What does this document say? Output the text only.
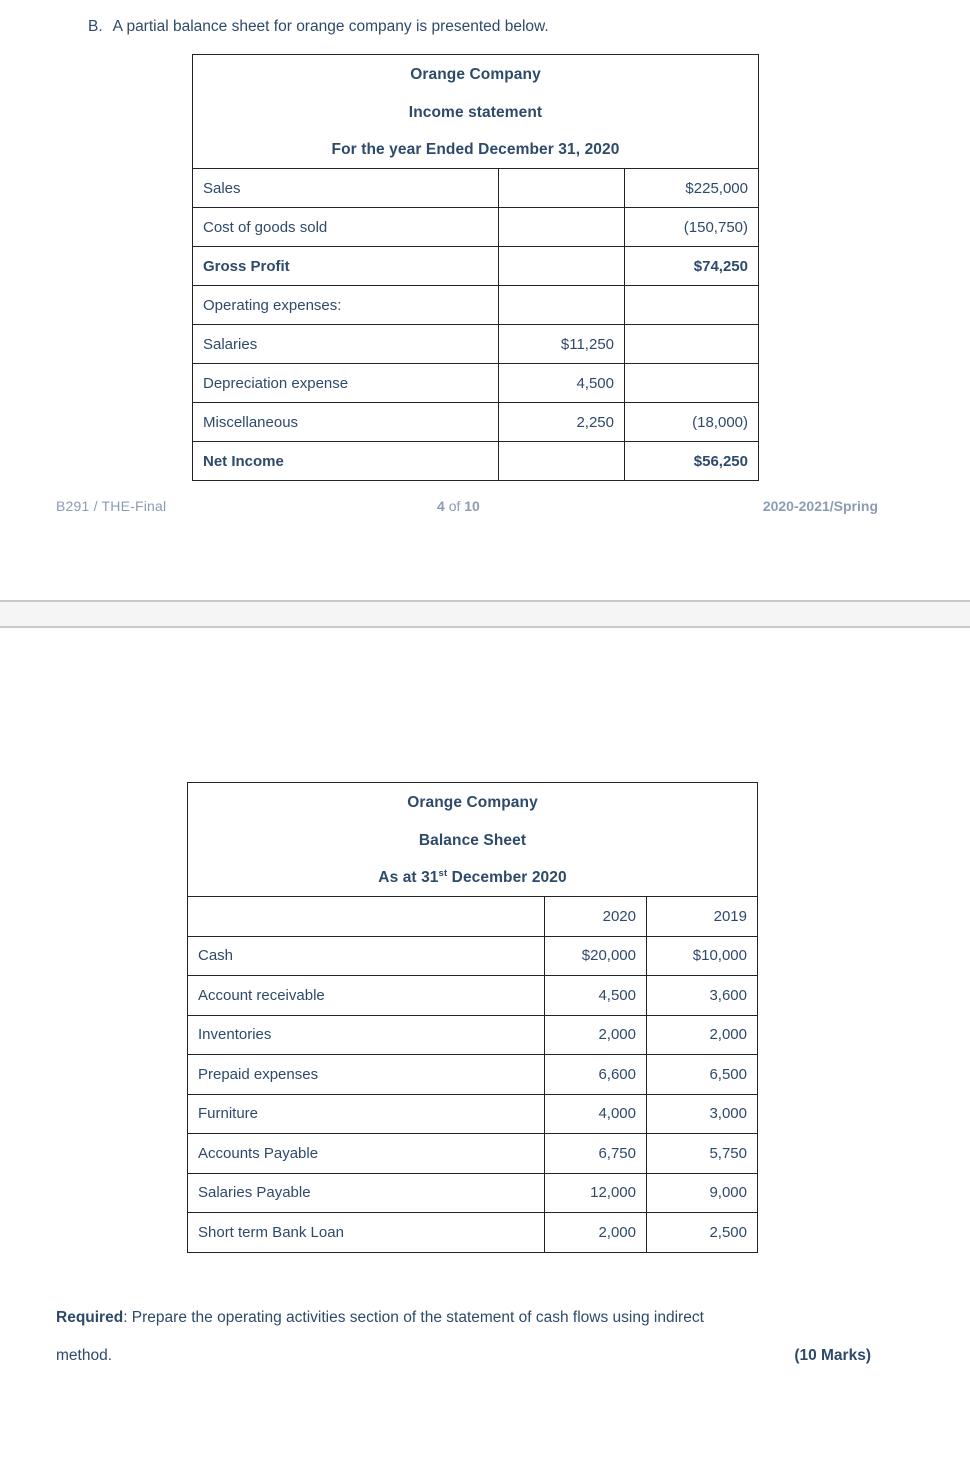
B. A partial balance sheet for orange company is presented below.
Orange Company		
Income statement		
For the year Ended December 31, 2020		
Sales		$225,000
Cost of goods sold		(150,750)
Gross Profit		$74,250
Operating expenses:		
Salaries	$11,250	
Depreciation expense	4,500	
Miscellaneous	2,250	(18,000)
Net Income		$56,250
B291 / THE-Final	4 of 10	2020-2021/Spring
Orange Company		
Balance Sheet		
As at 31st December 2020		
	2020	2019
Cash	$20,000	$10,000
Account receivable	4,500	3,600
Inventories	2,000	2,000
Prepaid expenses	6,600	6,500
Furniture	4,000	3,000
Accounts Payable	6,750	5,750
Salaries Payable	12,000	9,000
Short term Bank Loan	2,000	2,500
Required: Prepare the operating activities section of the statement of cash flows using indirect
method.	(10 Marks)
